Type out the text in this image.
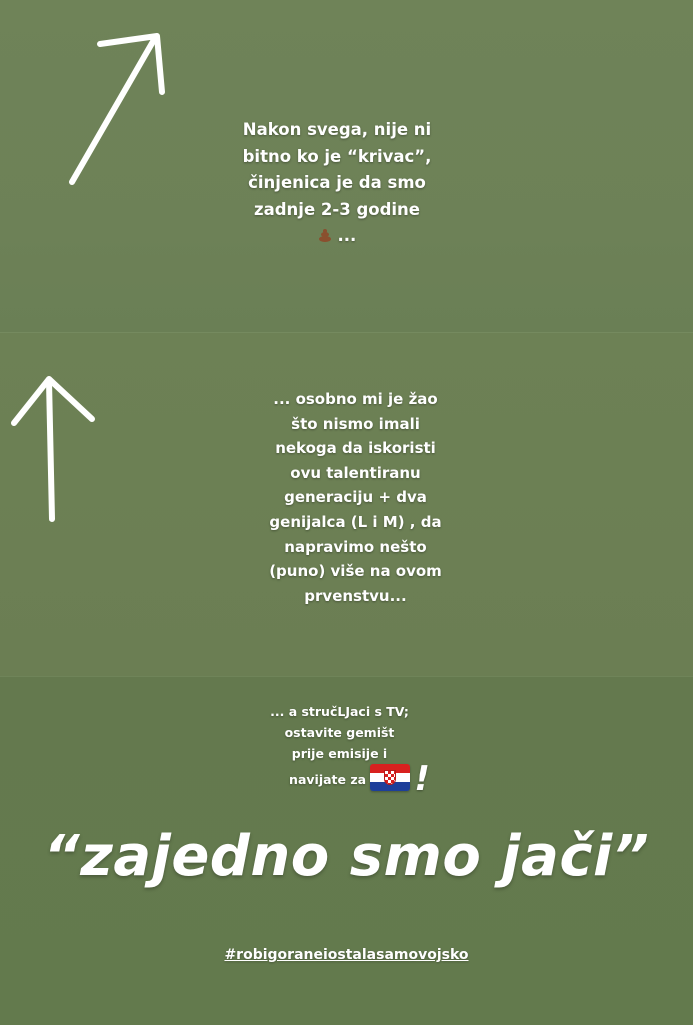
Nakon svega, nije ni
bitno ko je “krivac”,
činjenica je da smo
zadnje 2-3 godine
...
... osobno mi je žao
što nismo imali
nekoga da iskoristi
ovu talentiranu
generaciju + dva
genijalca (L i M) , da
napravimo nešto
(puno) više na ovom
prvenstvu...
... a stručLJaci s TV;
ostavite gemišt
prije emisije i
navijate za !
“zajedno smo jači”
#robigoraneiostalasamovojsko
